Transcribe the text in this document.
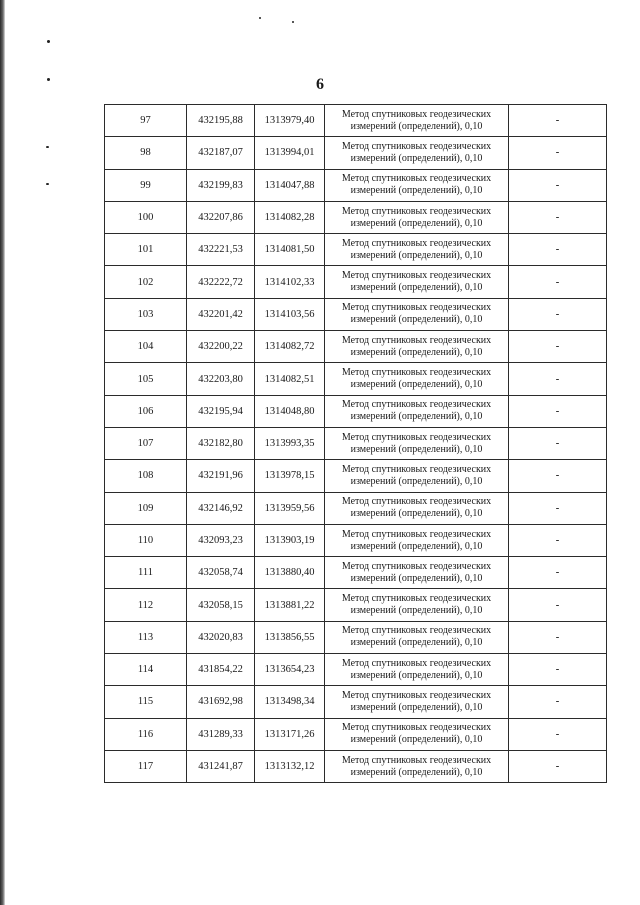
6
97	432195,88	1313979,40	Метод спутниковых геодезических
измерений (определений), 0,10	-
98	432187,07	1313994,01	Метод спутниковых геодезических
измерений (определений), 0,10	-
99	432199,83	1314047,88	Метод спутниковых геодезических
измерений (определений), 0,10	-
100	432207,86	1314082,28	Метод спутниковых геодезических
измерений (определений), 0,10	-
101	432221,53	1314081,50	Метод спутниковых геодезических
измерений (определений), 0,10	-
102	432222,72	1314102,33	Метод спутниковых геодезических
измерений (определений), 0,10	-
103	432201,42	1314103,56	Метод спутниковых геодезических
измерений (определений), 0,10	-
104	432200,22	1314082,72	Метод спутниковых геодезических
измерений (определений), 0,10	-
105	432203,80	1314082,51	Метод спутниковых геодезических
измерений (определений), 0,10	-
106	432195,94	1314048,80	Метод спутниковых геодезических
измерений (определений), 0,10	-
107	432182,80	1313993,35	Метод спутниковых геодезических
измерений (определений), 0,10	-
108	432191,96	1313978,15	Метод спутниковых геодезических
измерений (определений), 0,10	-
109	432146,92	1313959,56	Метод спутниковых геодезических
измерений (определений), 0,10	-
110	432093,23	1313903,19	Метод спутниковых геодезических
измерений (определений), 0,10	-
111	432058,74	1313880,40	Метод спутниковых геодезических
измерений (определений), 0,10	-
112	432058,15	1313881,22	Метод спутниковых геодезических
измерений (определений), 0,10	-
113	432020,83	1313856,55	Метод спутниковых геодезических
измерений (определений), 0,10	-
114	431854,22	1313654,23	Метод спутниковых геодезических
измерений (определений), 0,10	-
115	431692,98	1313498,34	Метод спутниковых геодезических
измерений (определений), 0,10	-
116	431289,33	1313171,26	Метод спутниковых геодезических
измерений (определений), 0,10	-
117	431241,87	1313132,12	Метод спутниковых геодезических
измерений (определений), 0,10	-
